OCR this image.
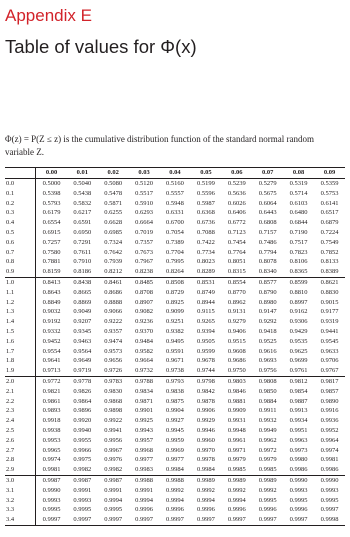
Appendix E
Table of values for Φ(x)

Φ(z) = P(Z ≤ z) is the cumulative distribution function of the standard normal random variable Z.

	0.00	0.01	0.02	0.03	0.04	0.05	0.06	0.07	0.08	0.09
0.0	0.5000	0.5040	0.5080	0.5120	0.5160	0.5199	0.5239	0.5279	0.5319	0.5359
0.1	0.5398	0.5438	0.5478	0.5517	0.5557	0.5596	0.5636	0.5675	0.5714	0.5753
0.2	0.5793	0.5832	0.5871	0.5910	0.5948	0.5987	0.6026	0.6064	0.6103	0.6141
0.3	0.6179	0.6217	0.6255	0.6293	0.6331	0.6368	0.6406	0.6443	0.6480	0.6517
0.4	0.6554	0.6591	0.6628	0.6664	0.6700	0.6736	0.6772	0.6808	0.6844	0.6879
0.5	0.6915	0.6950	0.6985	0.7019	0.7054	0.7088	0.7123	0.7157	0.7190	0.7224
0.6	0.7257	0.7291	0.7324	0.7357	0.7389	0.7422	0.7454	0.7486	0.7517	0.7549
0.7	0.7580	0.7611	0.7642	0.7673	0.7704	0.7734	0.7764	0.7794	0.7823	0.7852
0.8	0.7881	0.7910	0.7939	0.7967	0.7995	0.8023	0.8051	0.8078	0.8106	0.8133
0.9	0.8159	0.8186	0.8212	0.8238	0.8264	0.8289	0.8315	0.8340	0.8365	0.8389
1.0	0.8413	0.8438	0.8461	0.8485	0.8508	0.8531	0.8554	0.8577	0.8599	0.8621
1.1	0.8643	0.8665	0.8686	0.8708	0.8729	0.8749	0.8770	0.8790	0.8810	0.8830
1.2	0.8849	0.8869	0.8888	0.8907	0.8925	0.8944	0.8962	0.8980	0.8997	0.9015
1.3	0.9032	0.9049	0.9066	0.9082	0.9099	0.9115	0.9131	0.9147	0.9162	0.9177
1.4	0.9192	0.9207	0.9222	0.9236	0.9251	0.9265	0.9279	0.9292	0.9306	0.9319
1.5	0.9332	0.9345	0.9357	0.9370	0.9382	0.9394	0.9406	0.9418	0.9429	0.9441
1.6	0.9452	0.9463	0.9474	0.9484	0.9495	0.9505	0.9515	0.9525	0.9535	0.9545
1.7	0.9554	0.9564	0.9573	0.9582	0.9591	0.9599	0.9608	0.9616	0.9625	0.9633
1.8	0.9641	0.9649	0.9656	0.9664	0.9671	0.9678	0.9686	0.9693	0.9699	0.9706
1.9	0.9713	0.9719	0.9726	0.9732	0.9738	0.9744	0.9750	0.9756	0.9761	0.9767
2.0	0.9772	0.9778	0.9783	0.9788	0.9793	0.9798	0.9803	0.9808	0.9812	0.9817
2.1	0.9821	0.9826	0.9830	0.9834	0.9838	0.9842	0.9846	0.9850	0.9854	0.9857
2.2	0.9861	0.9864	0.9868	0.9871	0.9875	0.9878	0.9881	0.9884	0.9887	0.9890
2.3	0.9893	0.9896	0.9898	0.9901	0.9904	0.9906	0.9909	0.9911	0.9913	0.9916
2.4	0.9918	0.9920	0.9922	0.9925	0.9927	0.9929	0.9931	0.9932	0.9934	0.9936
2.5	0.9938	0.9940	0.9941	0.9943	0.9945	0.9946	0.9948	0.9949	0.9951	0.9952
2.6	0.9953	0.9955	0.9956	0.9957	0.9959	0.9960	0.9961	0.9962	0.9963	0.9964
2.7	0.9965	0.9966	0.9967	0.9968	0.9969	0.9970	0.9971	0.9972	0.9973	0.9974
2.8	0.9974	0.9975	0.9976	0.9977	0.9977	0.9978	0.9979	0.9979	0.9980	0.9981
2.9	0.9981	0.9982	0.9982	0.9983	0.9984	0.9984	0.9985	0.9985	0.9986	0.9986
3.0	0.9987	0.9987	0.9987	0.9988	0.9988	0.9989	0.9989	0.9989	0.9990	0.9990
3.1	0.9990	0.9991	0.9991	0.9991	0.9992	0.9992	0.9992	0.9992	0.9993	0.9993
3.2	0.9993	0.9993	0.9994	0.9994	0.9994	0.9994	0.9994	0.9995	0.9995	0.9995
3.3	0.9995	0.9995	0.9995	0.9996	0.9996	0.9996	0.9996	0.9996	0.9996	0.9997
3.4	0.9997	0.9997	0.9997	0.9997	0.9997	0.9997	0.9997	0.9997	0.9997	0.9998
